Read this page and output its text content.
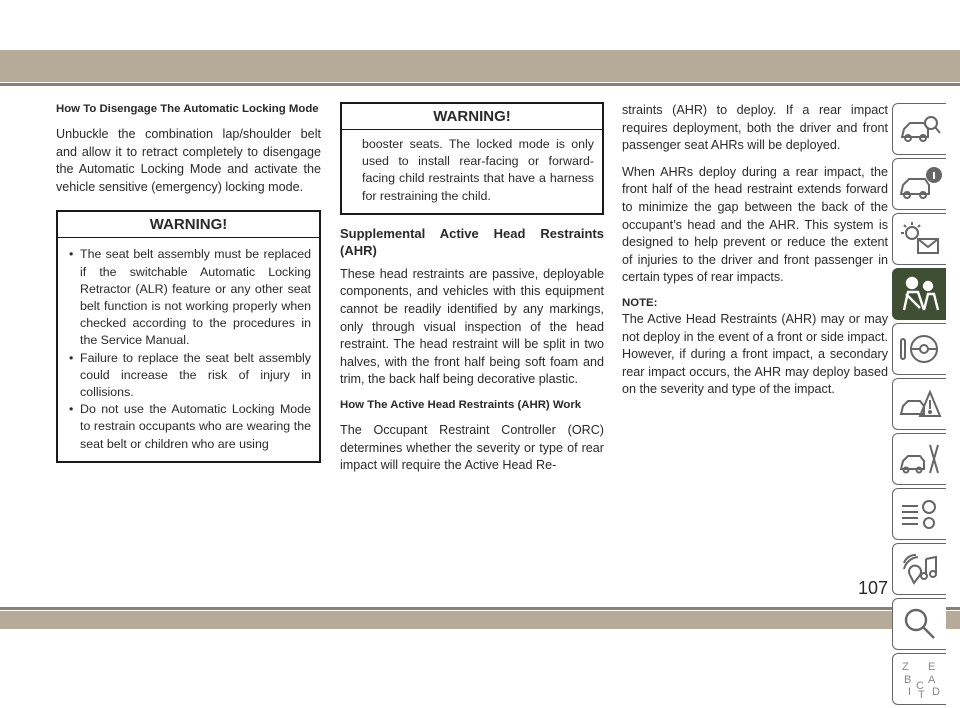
How To Disengage The Automatic Locking Mode

Unbuckle the combination lap/shoulder belt and allow it to retract completely to disengage the Automatic Locking Mode and activate the vehicle sensitive (emergency) locking mode.

WARNING!
• The seat belt assembly must be replaced if the switchable Automatic Locking Retractor (ALR) feature or any other seat belt function is not working properly when checked according to the procedures in the Service Manual.
• Failure to replace the seat belt assembly could increase the risk of injury in collisions.
• Do not use the Automatic Locking Mode to restrain occupants who are wearing the seat belt or children who are using
WARNING!
booster seats. The locked mode is only used to install rear-facing or forward-facing child restraints that have a harness for restraining the child.
Supplemental Active Head Restraints (AHR)

These head restraints are passive, deployable components, and vehicles with this equipment cannot be readily identified by any markings, only through visual inspection of the head restraint. The head restraint will be split in two halves, with the front half being soft foam and trim, the back half being decorative plastic.

How The Active Head Restraints (AHR) Work

The Occupant Restraint Controller (ORC) determines whether the severity or type of rear impact will require the Active Head Re-

straints (AHR) to deploy. If a rear impact requires deployment, both the driver and front passenger seat AHRs will be deployed.

When AHRs deploy during a rear impact, the front half of the head restraint extends forward to minimize the gap between the back of the occupant’s head and the AHR. This system is designed to help prevent or reduce the extent of injuries to the driver and front passenger in certain types of rear impacts.

NOTE:

The Active Head Restraints (AHR) may or may not deploy in the event of a front or side impact. However, if during a front impact, a secondary rear impact occurs, the AHR may deploy based on the severity and type of the impact.

Z E
B A
D
I C
T
107
